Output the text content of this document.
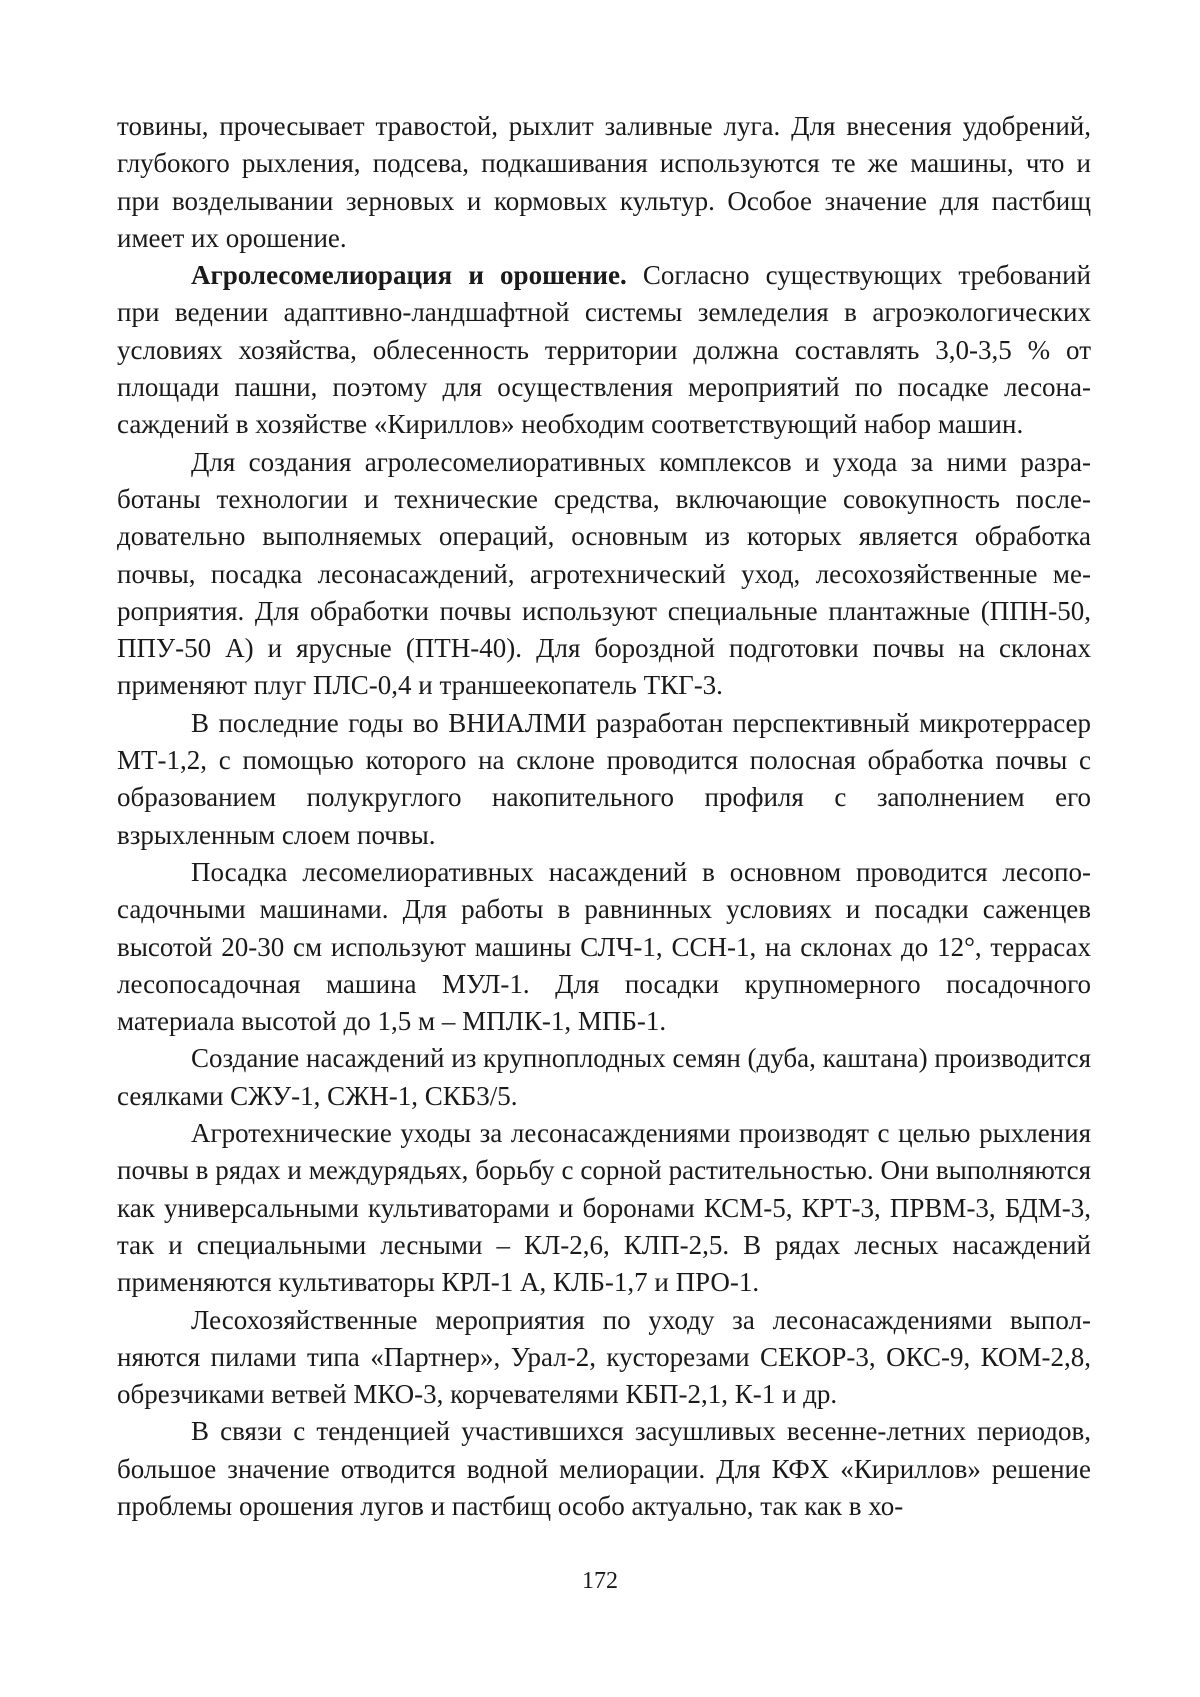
товины, прочесывает травостой, рыхлит заливные луга. Для внесения удобрений, глубокого рыхления, подсева, подкашивания используются те же машины, что и при возделывании зерновых и кормовых культур. Особое значение для пастбищ имеет их орошение.

Агролесомелиорация и орошение. Согласно существующих требований при ведении адаптивно-ландшафтной системы земледелия в агроэкологических условиях хозяйства, облесенность территории должна составлять 3,0-3,5 % от площади пашни, поэтому для осуществления мероприятий по посадке лесонасаждений в хозяйстве «Кириллов» необходим соответствующий набор машин.

Для создания агролесомелиоративных комплексов и ухода за ними разработаны технологии и технические средства, включающие совокупность последовательно выполняемых операций, основным из которых является обработка почвы, посадка лесонасаждений, агротехнический уход, лесохозяйственные мероприятия. Для обработки почвы используют специальные плантажные (ППН-50, ППУ-50 А) и ярусные (ПТН-40). Для бороздной подготовки почвы на склонах применяют плуг ПЛС-0,4 и траншеекопатель ТКГ-3.

В последние годы во ВНИАЛМИ разработан перспективный микротеррасер МТ-1,2, с помощью которого на склоне проводится полосная обработка почвы с образованием полукруглого накопительного профиля с заполнением его взрыхленным слоем почвы.

Посадка лесомелиоративных насаждений в основном проводится лесопосадочными машинами. Для работы в равнинных условиях и посадки саженцев высотой 20-30 см используют машины СЛЧ-1, ССН-1, на склонах до 12°, террасах лесопосадочная машина МУЛ-1. Для посадки крупномерного посадочного материала высотой до 1,5 м – МПЛК-1, МПБ-1.

Создание насаждений из крупноплодных семян (дуба, каштана) производится сеялками СЖУ-1, СЖН-1, СКБ3/5.

Агротехнические уходы за лесонасаждениями производят с целью рыхления почвы в рядах и междурядьях, борьбу с сорной растительностью. Они выполняются как универсальными культиваторами и боронами КСМ-5, КРТ-3, ПРВМ-3, БДМ-3, так и специальными лесными – КЛ-2,6, КЛП-2,5. В рядах лесных насаждений применяются культиваторы КРЛ-1 А, КЛБ-1,7 и ПРО-1.

Лесохозяйственные мероприятия по уходу за лесонасаждениями выполняются пилами типа «Партнер», Урал-2, кусторезами СЕКОР-3, ОКС-9, КОМ-2,8, обрезчиками ветвей МКО-3, корчевателями КБП-2,1, К-1 и др.

В связи с тенденцией участившихся засушливых весенне-летних периодов, большое значение отводится водной мелиорации. Для КФХ «Кириллов» решение проблемы орошения лугов и пастбищ особо актуально, так как в хо-

172
